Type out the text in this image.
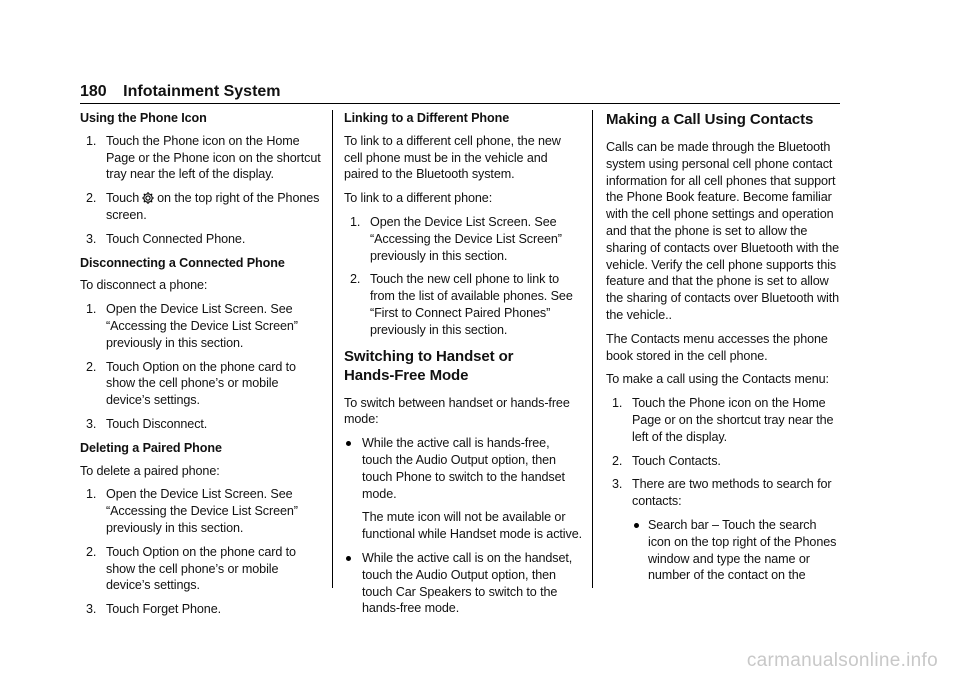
180 Infotainment System

Using the Phone Icon

1. Touch the Phone icon on the Home Page or the Phone icon on the shortcut tray near the left of the display.
2. Touch on the top right of the Phones screen.
3. Touch Connected Phone.

Disconnecting a Connected Phone

To disconnect a phone:

1. Open the Device List Screen. See “Accessing the Device List Screen” previously in this section.
2. Touch Option on the phone card to show the cell phone’s or mobile device’s settings.
3. Touch Disconnect.

Deleting a Paired Phone

To delete a paired phone:

1. Open the Device List Screen. See “Accessing the Device List Screen” previously in this section.
2. Touch Option on the phone card to show the cell phone’s or mobile device’s settings.
3. Touch Forget Phone.

Linking to a Different Phone

To link to a different cell phone, the new cell phone must be in the vehicle and paired to the Bluetooth system.

To link to a different phone:

1. Open the Device List Screen. See “Accessing the Device List Screen” previously in this section.
2. Touch the new cell phone to link to from the list of available phones. See “First to Connect Paired Phones” previously in this section.
Switching to Handset or
Hands-Free Mode

To switch between handset or hands-free mode:

While the active call is hands-free, touch the Audio Output option, then touch Phone to switch to the handset mode.

The mute icon will not be available or functional while Handset mode is active.

While the active call is on the handset, touch the Audio Output option, then touch Car Speakers to switch to the hands-free mode.
Making a Call Using Contacts

Calls can be made through the Bluetooth system using personal cell phone contact information for all cell phones that support the Phone Book feature. Become familiar with the cell phone settings and operation and that the phone is set to allow the sharing of contacts over Bluetooth with the vehicle. Verify the cell phone supports this feature and that the phone is set to allow the sharing of contacts over Bluetooth with the vehicle..

The Contacts menu accesses the phone book stored in the cell phone.

To make a call using the Contacts menu:

1. Touch the Phone icon on the Home Page or on the shortcut tray near the left of the display.
2. Touch Contacts.
3. There are two methods to search for contacts:
Search bar – Touch the search icon on the top right of the Phones window and type the name or number of the contact on the
carmanualsonline.info
